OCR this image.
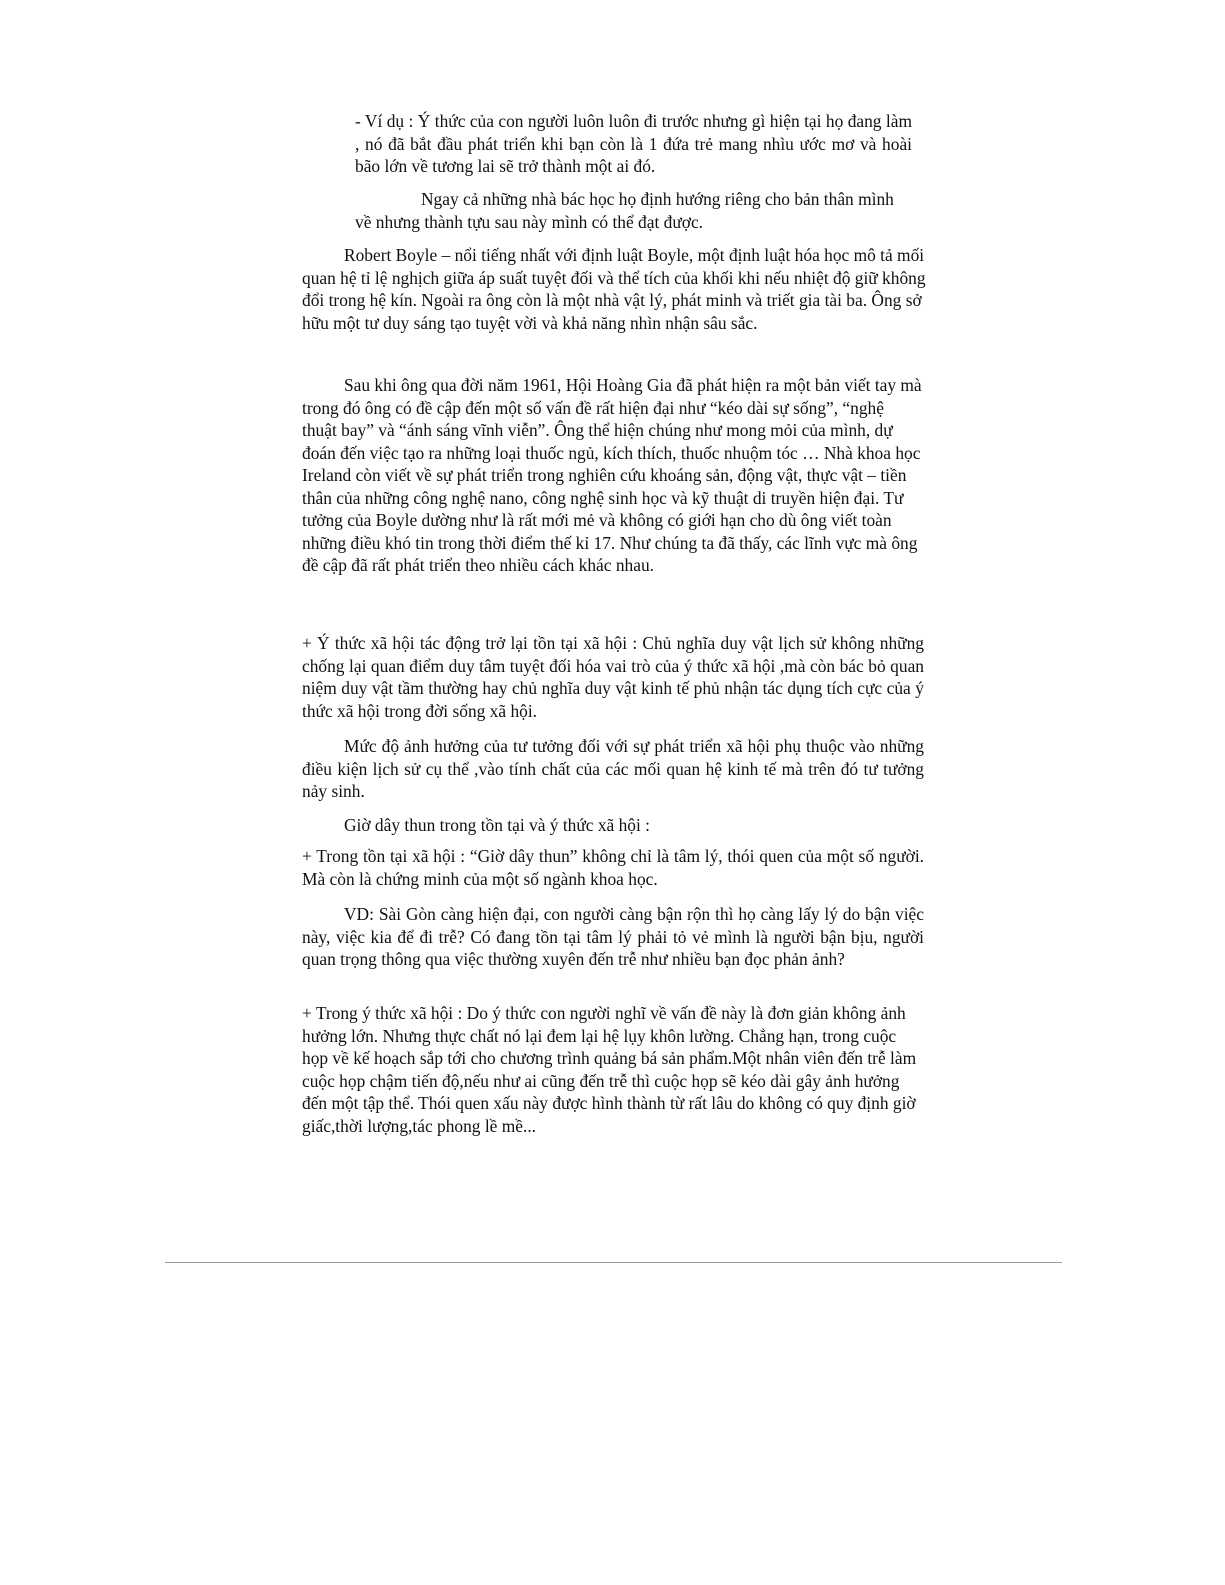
- Ví dụ : Ý thức của con người luôn luôn đi trước nhưng gì hiện tại họ đang làm , nó đã bắt đầu phát triển khi bạn còn là 1 đứa trẻ mang nhìu ước mơ và hoài bão lớn về tương lai sẽ trở thành một ai đó.

Ngay cả những nhà bác học họ định hướng riêng cho bản thân mình về nhưng thành tựu sau này mình có thể đạt được.

Robert Boyle – nổi tiếng nhất với định luật Boyle, một định luật hóa học mô tả mối quan hệ tỉ lệ nghịch giữa áp suất tuyệt đối và thể tích của khối khi nếu nhiệt độ giữ không đổi trong hệ kín. Ngoài ra ông còn là một nhà vật lý, phát minh và triết gia tài ba. Ông sở hữu một tư duy sáng tạo tuyệt vời và khả năng nhìn nhận sâu sắc.

Sau khi ông qua đời năm 1961, Hội Hoàng Gia đã phát hiện ra một bản viết tay mà trong đó ông có đề cập đến một số vấn đề rất hiện đại như “kéo dài sự sống”, “nghệ thuật bay” và “ánh sáng vĩnh viễn”. Ông thể hiện chúng như mong mỏi của mình, dự đoán đến việc tạo ra những loại thuốc ngủ, kích thích, thuốc nhuộm tóc … Nhà khoa học Ireland còn viết về sự phát triển trong nghiên cứu khoáng sản, động vật, thực vật – tiền thân của những công nghệ nano, công nghệ sinh học và kỹ thuật di truyền hiện đại. Tư tưởng của Boyle dường như là rất mới mẻ và không có giới hạn cho dù ông viết toàn những điều khó tin trong thời điểm thế kỉ 17. Như chúng ta đã thấy, các lĩnh vực mà ông đề cập đã rất phát triển theo nhiều cách khác nhau.

+ Ý thức xã hội tác động trở lại tồn tại xã hội : Chủ nghĩa duy vật lịch sử không những chống lại quan điểm duy tâm tuyệt đối hóa vai trò của ý thức xã hội ,mà còn bác bỏ quan niệm duy vật tầm thường hay chủ nghĩa duy vật kinh tế phủ nhận tác dụng tích cực của ý thức xã hội trong đời sống xã hội.

Mức độ ảnh hưởng của tư tưởng đối với sự phát triển xã hội phụ thuộc vào những điều kiện lịch sử cụ thể ,vào tính chất của các mối quan hệ kinh tế mà trên đó tư tưởng nảy sinh.

Giờ dây thun trong tồn tại và ý thức xã hội :

+ Trong tồn tại xã hội : “Giờ dây thun” không chỉ là tâm lý, thói quen của một số người. Mà còn là chứng minh của một số ngành khoa học.

VD: Sài Gòn càng hiện đại, con người càng bận rộn thì họ càng lấy lý do bận việc này, việc kia để đi trễ? Có đang tồn tại tâm lý phải tỏ vẻ mình là người bận bịu, người quan trọng thông qua việc thường xuyên đến trễ như nhiều bạn đọc phản ảnh?

+ Trong ý thức xã hội : Do ý thức con người nghĩ về vấn đề này là đơn giản không ảnh hưởng lớn. Nhưng thực chất nó lại đem lại hệ lụy khôn lường. Chẳng hạn, trong cuộc họp về kế hoạch sắp tới cho chương trình quảng bá sản phẩm.Một nhân viên đến trễ làm cuộc họp chậm tiến độ,nếu như ai cũng đến trễ thì cuộc họp sẽ kéo dài gây ảnh hưởng đến một tập thể. Thói quen xấu này được hình thành từ rất lâu do không có quy định giờ giấc,thời lượng,tác phong lề mề...
